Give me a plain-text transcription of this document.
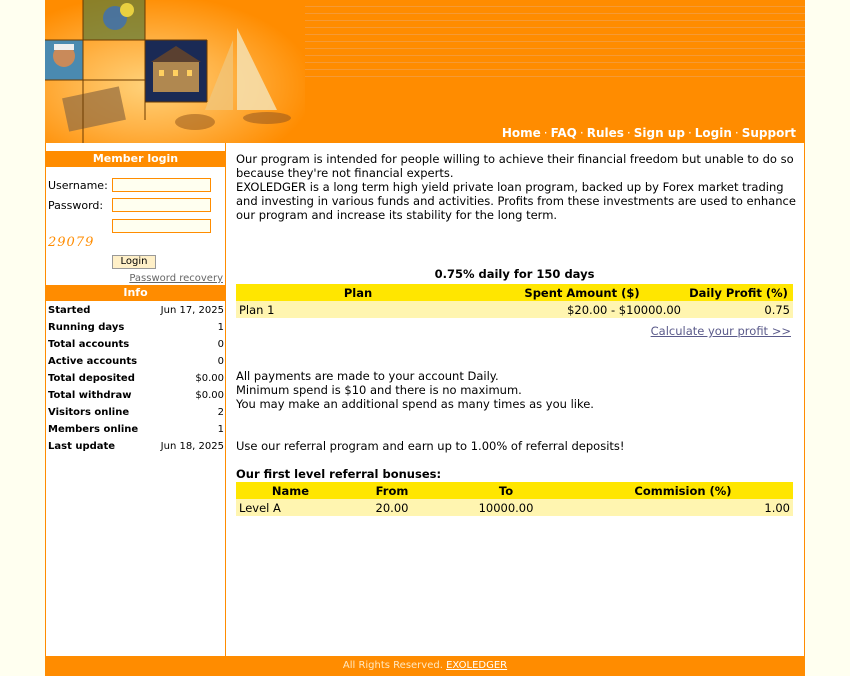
Home · FAQ · Rules · Sign up · Login · Support
Member login
Username:
Password:
29079
Login
Password recovery
Info
Started	Jun 17, 2025
Running days	1
Total accounts	0
Active accounts	0
Total deposited	$0.00
Total withdraw	$0.00
Visitors online	2
Members online	1
Last update	Jun 18, 2025
Our program is intended for people willing to achieve their financial freedom but unable to do so because they're not financial experts.
EXOLEDGER is a long term high yield private loan program, backed up by Forex market trading and investing in various funds and activities. Profits from these investments are used to enhance our program and increase its stability for the long term.
0.75% daily for 150 days
Plan	Spent Amount ($)	Daily Profit (%)
Plan 1	$20.00 - $10000.00	0.75
Calculate your profit >>
All payments are made to your account Daily.
Minimum spend is $10 and there is no maximum.
You may make an additional spend as many times as you like.
Use our referral program and earn up to 1.00% of referral deposits!
Our first level referral bonuses:
Name	From	To	Commision (%)
Level A	20.00	10000.00	1.00
All Rights Reserved. EXOLEDGER
